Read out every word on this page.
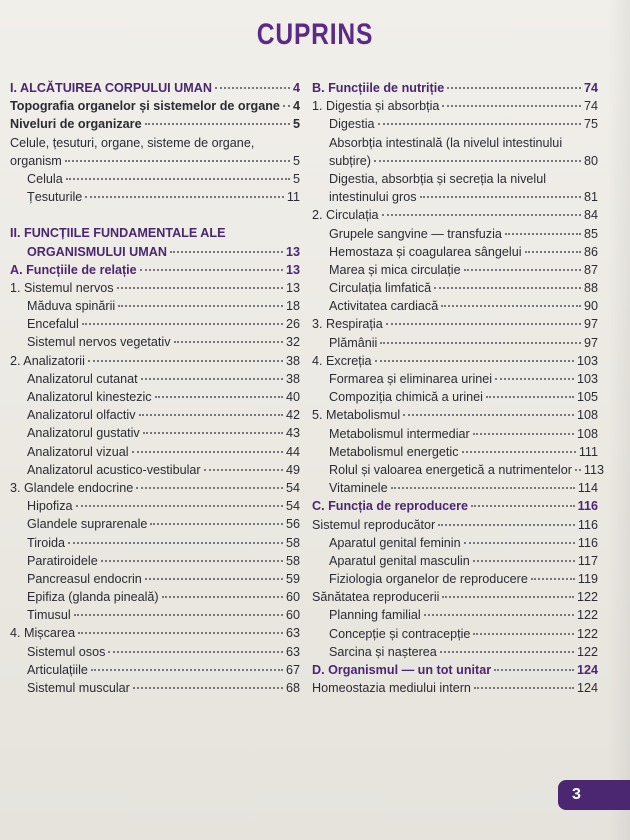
CUPRINS
I. ALCĂTUIREA CORPULUI UMAN	4
Topografia organelor și sistemelor de organe 4
Niveluri de organizare	5
Celule, țesuturi, organe, sisteme de organe,
organism	5
Celula	5
Țesuturile	11
II. FUNCȚIILE FUNDAMENTALE ALE
ORGANISMULUI UMAN	13
A. Funcțiile de relație	13
1. Sistemul nervos	13
Măduva spinării	18
Encefalul	26
Sistemul nervos vegetativ	32
2. Analizatorii	38
Analizatorul cutanat	38
Analizatorul kinestezic	40
Analizatorul olfactiv	42
Analizatorul gustativ	43
Analizatorul vizual	44
Analizatorul acustico-vestibular	49
3. Glandele endocrine	54
Hipofiza	54
Glandele suprarenale	56
Tiroida	58
Paratiroidele	58
Pancreasul endocrin	59
Epifiza (glanda pineală)	60
Timusul	60
4. Mișcarea	63
Sistemul osos	63
Articulațiile	67
Sistemul muscular	68
B. Funcțiile de nutriție	74
1. Digestia și absorbția	74
Digestia	75
Absorbția intestinală (la nivelul intestinului
subțire)	80
Digestia, absorbția și secreția la nivelul
intestinului gros	81
2. Circulația	84
Grupele sangvine — transfuzia	85
Hemostaza și coagularea sângelui	86
Marea și mica circulație	87
Circulația limfatică	88
Activitatea cardiacă	90
3. Respirația	97
Plămânii	97
4. Excreția	103
Formarea și eliminarea urinei	103
Compoziția chimică a urinei	105
5. Metabolismul	108
Metabolismul intermediar	108
Metabolismul energetic	111
Rolul și valoarea energetică a nutrimentelor 113
Vitaminele	114
C. Funcția de reproducere	116
Sistemul reproducător	116
Aparatul genital feminin	116
Aparatul genital masculin	117
Fiziologia organelor de reproducere	119
Sănătatea reproducerii	122
Planning familial	122
Concepție și contracepție	122
Sarcina și nașterea	122
D. Organismul — un tot unitar	124
Homeostazia mediului intern	124
3
